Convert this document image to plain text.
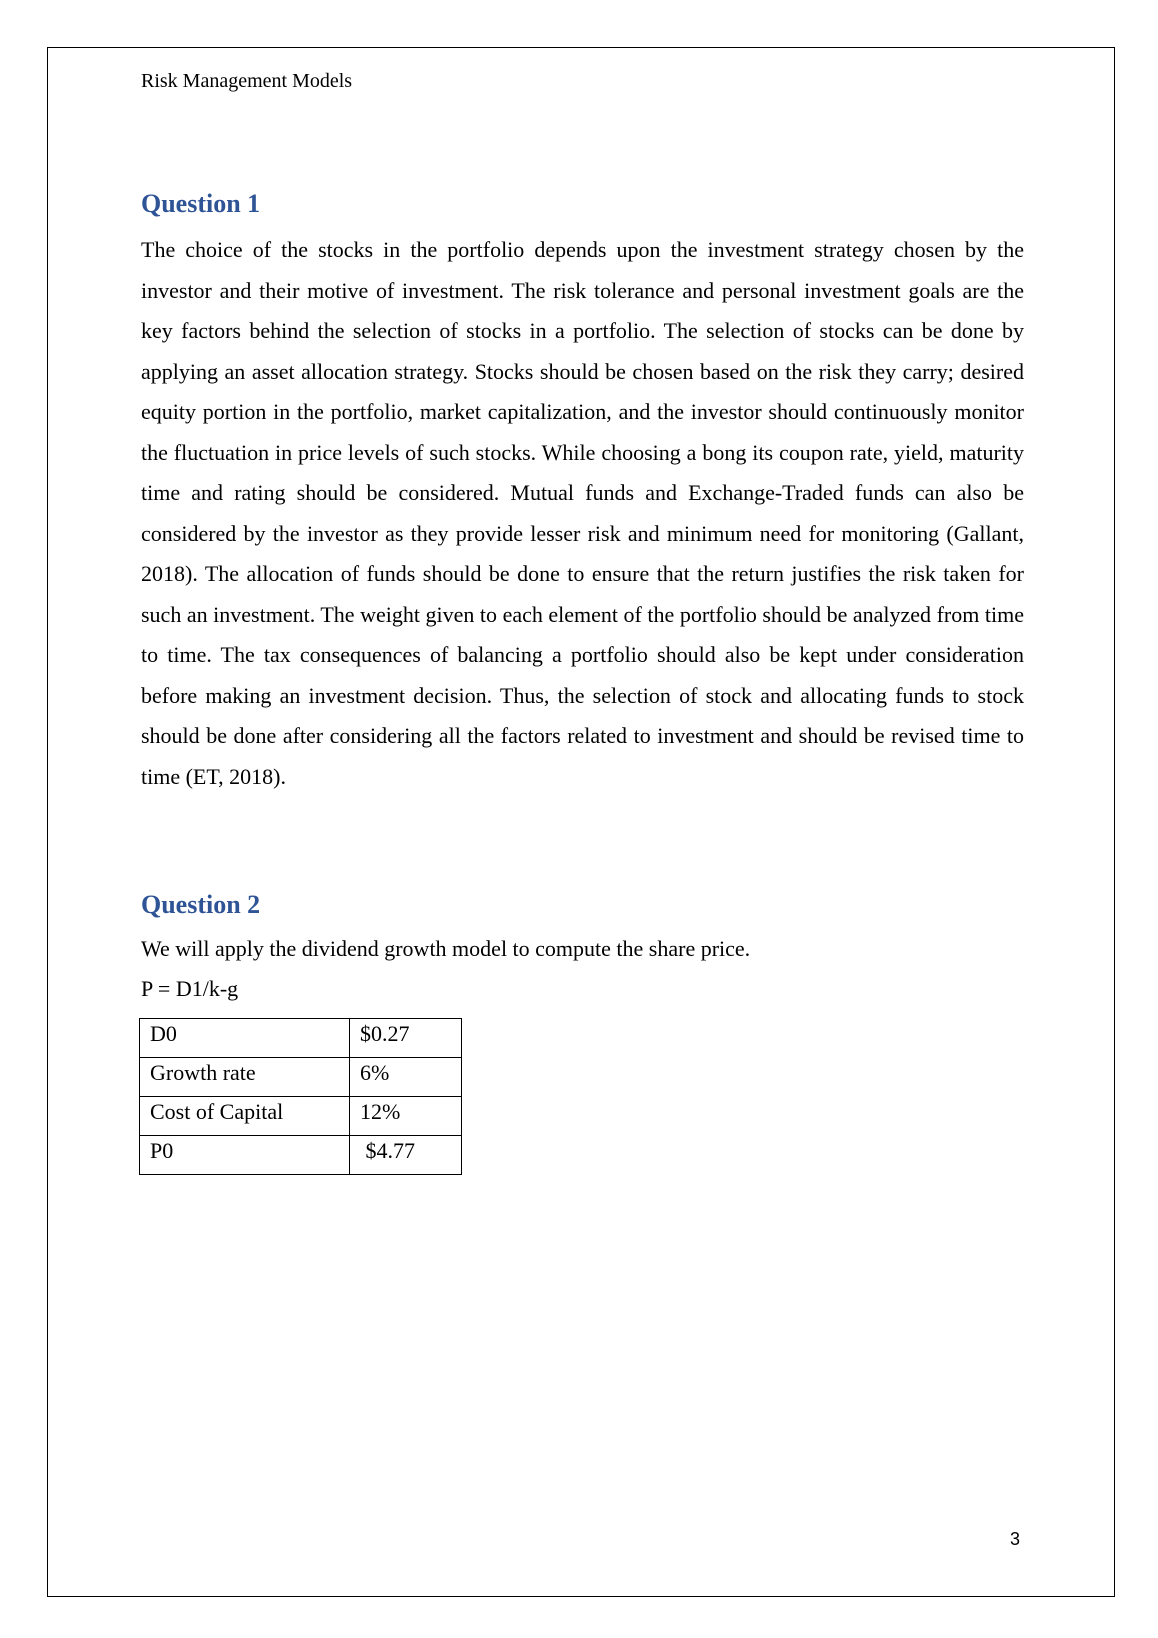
Risk Management Models
Question 1
The choice of the stocks in the portfolio depends upon the investment strategy chosen by the investor and their motive of investment. The risk tolerance and personal investment goals are the key factors behind the selection of stocks in a portfolio. The selection of stocks can be done by applying an asset allocation strategy. Stocks should be chosen based on the risk they carry; desired equity portion in the portfolio, market capitalization, and the investor should continuously monitor the fluctuation in price levels of such stocks. While choosing a bong its coupon rate, yield, maturity time and rating should be considered. Mutual funds and Exchange-Traded funds can also be considered by the investor as they provide lesser risk and minimum need for monitoring (Gallant, 2018). The allocation of funds should be done to ensure that the return justifies the risk taken for such an investment. The weight given to each element of the portfolio should be analyzed from time to time. The tax consequences of balancing a portfolio should also be kept under consideration before making an investment decision. Thus, the selection of stock and allocating funds to stock should be done after considering all the factors related to investment and should be revised time to time (ET, 2018).
Question 2
We will apply the dividend growth model to compute the share price.
P = D1/k-g
D0	$0.27
Growth rate	6%
Cost of Capital	12%
P0	$4.77
3
